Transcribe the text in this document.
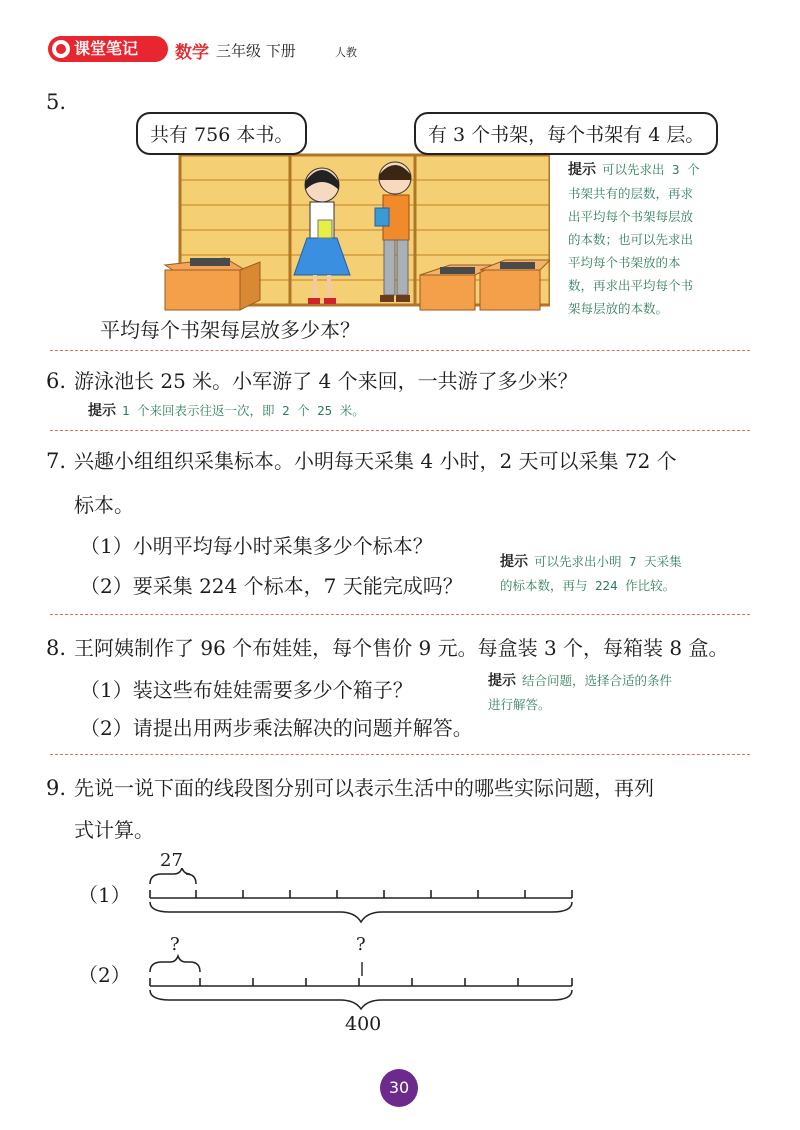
课堂笔记	数学 三年级 下册	人教
5.
共有 756 本书。	有 3 个书架，每个书架有 4 层。
提示 可以先求出 3 个
书架共有的层数，再求
出平均每个书架每层放
的本数；也可以先求出
平均每个书架放的本
数，再求出平均每个书
架每层放的本数。
平均每个书架每层放多少本？
6. 游泳池长 25 米。小军游了 4 个来回，一共游了多少米？
提示 1 个来回表示往返一次，即 2 个 25 米。
7. 兴趣小组组织采集标本。小明每天采集 4 小时，2 天可以采集 72 个
标本。
（1）小明平均每小时采集多少个标本？
（2）要采集 224 个标本，7 天能完成吗？
提示 可以先求出小明 7 天采集
的标本数，再与 224 作比较。
8. 王阿姨制作了 96 个布娃娃，每个售价 9 元。每盒装 3 个，每箱装 8 盒。
（1）装这些布娃娃需要多少个箱子？
（2）请提出用两步乘法解决的问题并解答。
提示 结合问题，选择合适的条件
进行解答。
9. 先说一说下面的线段图分别可以表示生活中的哪些实际问题，再列
式计算。
（1）
27
?	?
（2）
400
30
